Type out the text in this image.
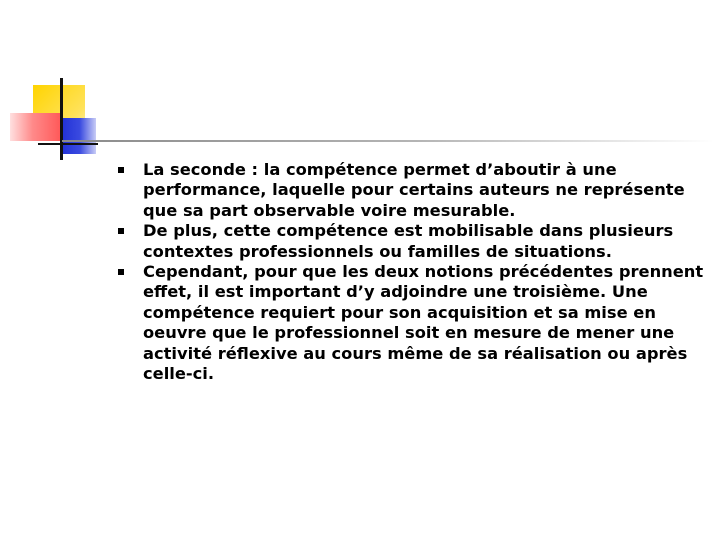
La seconde : la compétence permet d’aboutir à une performance, laquelle pour certains auteurs ne représente que sa part observable voire mesurable.
De plus, cette compétence est mobilisable dans plusieurs contextes professionnels ou familles de situations.
Cependant, pour que les deux notions précédentes prennent effet, il est important d’y adjoindre une troisième. Une compétence requiert pour son acquisition et sa mise en oeuvre que le professionnel soit en mesure de mener une activité réflexive au cours même de sa réalisation ou après celle-ci.
